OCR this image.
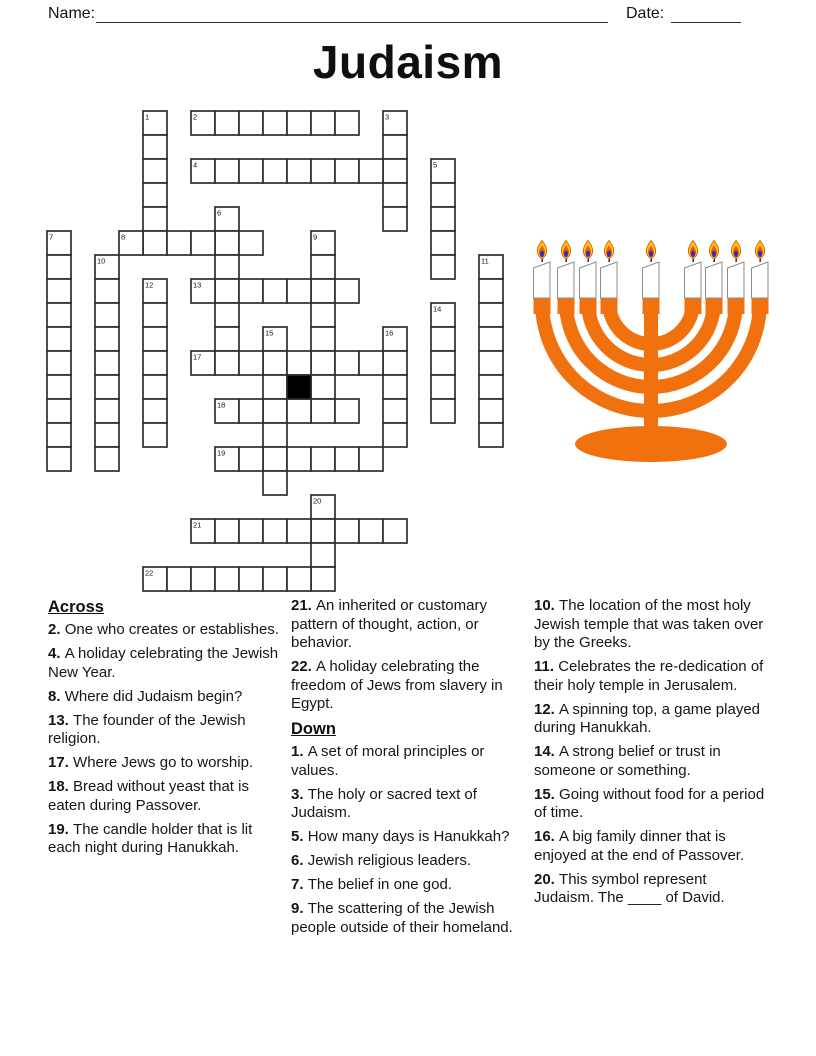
Name:	Date:
Judaism
1	2	3
4	5
6
7	8	9
10	11
12	13
14
15	16
17
18
19
20
21
22
Across

2. One who creates or establishes.

4. A holiday celebrating the Jewish New Year.

8. Where did Judaism begin?

13. The founder of the Jewish religion.

17. Where Jews go to worship.

18. Bread without yeast that is eaten during Passover.

19. The candle holder that is lit each night during Hanukkah.

21. An inherited or customary pattern of thought, action, or behavior.

22. A holiday celebrating the freedom of Jews from slavery in Egypt.

Down

1. A set of moral principles or values.

3. The holy or sacred text of Judaism.

5. How many days is Hanukkah?

6. Jewish religious leaders.

7. The belief in one god.

9. The scattering of the Jewish people outside of their homeland.

10. The location of the most holy Jewish temple that was taken over by the Greeks.

11. Celebrates the re-dedication of their holy temple in Jerusalem.

12. A spinning top, a game played during Hanukkah.

14. A strong belief or trust in someone or something.

15. Going without food for a period of time.

16. A big family dinner that is enjoyed at the end of Passover.

20. This symbol represent Judaism. The ____ of David.
